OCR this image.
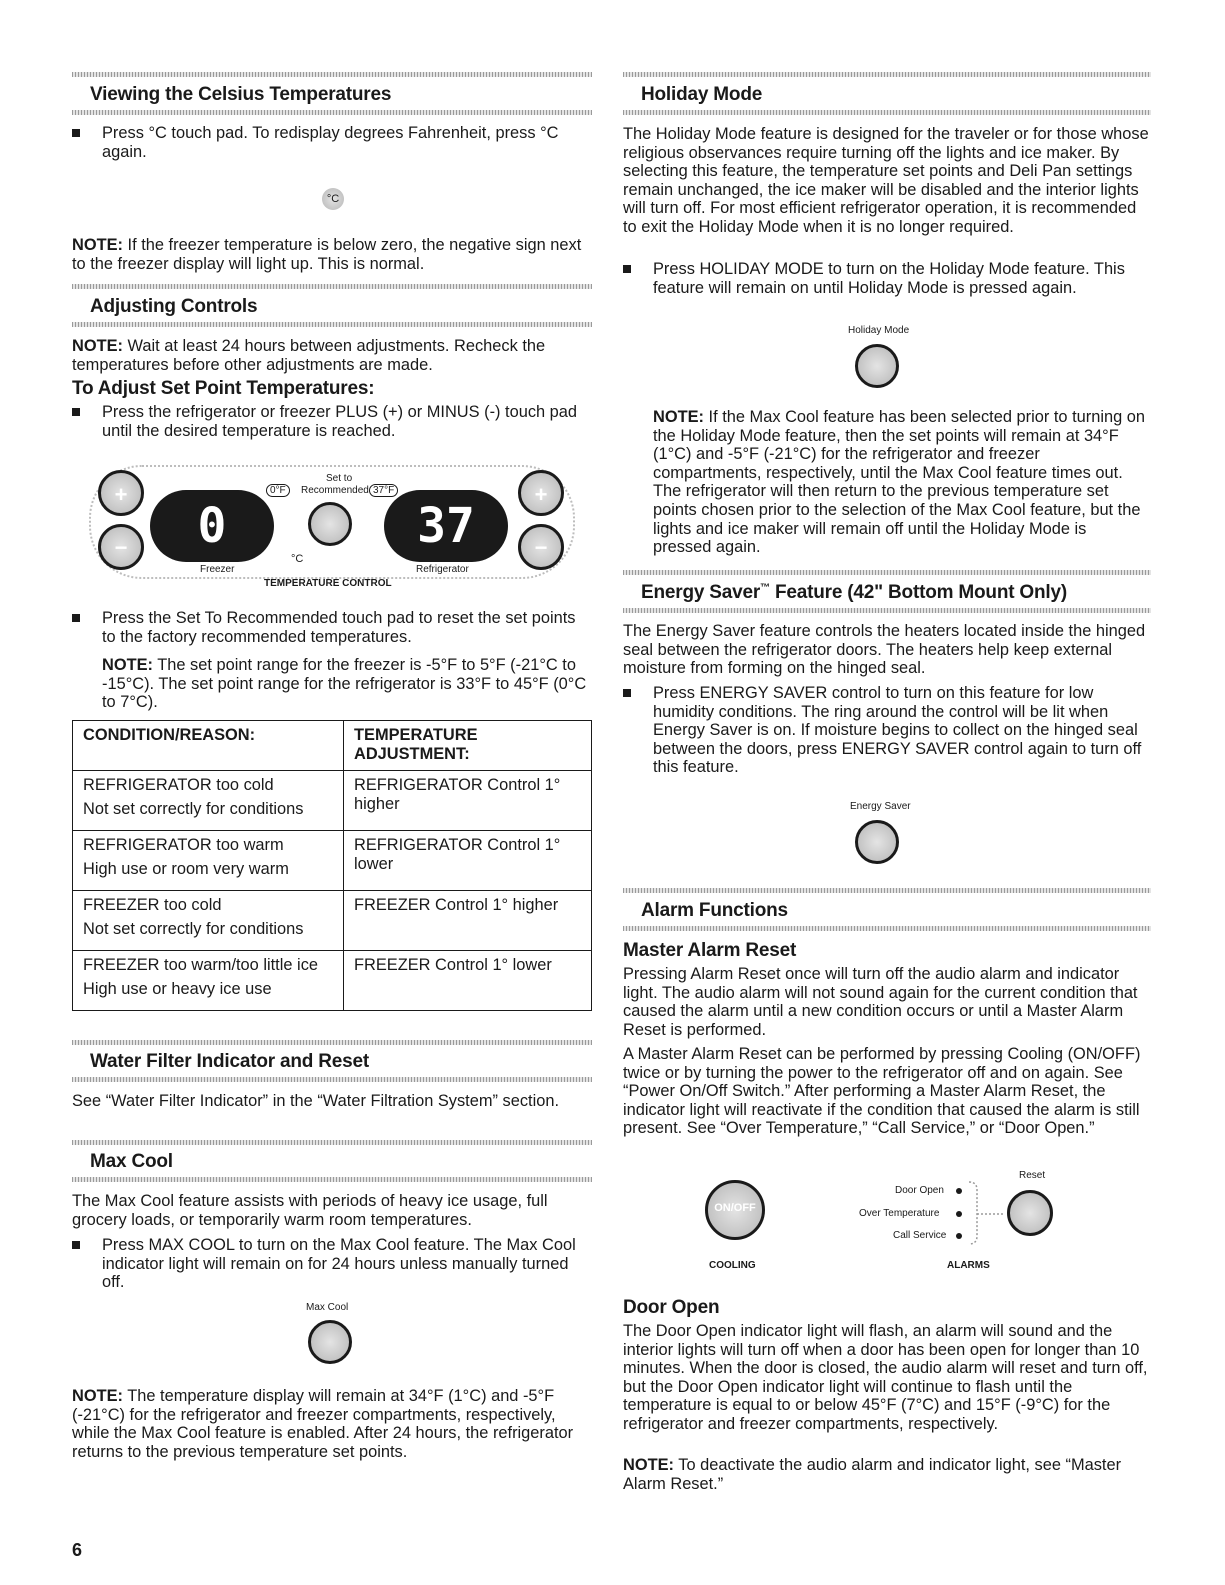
Viewing the Celsius Temperatures
Press °C touch pad. To redisplay degrees Fahrenheit, press °C again.
°C
NOTE: If the freezer temperature is below zero, the negative sign next to the freezer display will light up. This is normal.
Adjusting Controls
NOTE: Wait at least 24 hours between adjustments. Recheck the temperatures before other adjustments are made.
To Adjust Set Point Temperatures:
Press the refrigerator or freezer PLUS (+) or MINUS (-) touch pad until the desired temperature is reached.
+
−	0
Set to
0°F	Recommended 37°F
°C
37
+
−
Freezer	Refrigerator
TEMPERATURE CONTROL
Press the Set To Recommended touch pad to reset the set points to the factory recommended temperatures.
NOTE: The set point range for the freezer is -5°F to 5°F (-21°C to -15°C). The set point range for the refrigerator is 33°F to 45°F (0°C to 7°C).
CONDITION/REASON:	TEMPERATURE ADJUSTMENT:

REFRIGERATOR too cold
Not set correctly for conditions	REFRIGERATOR Control 1° higher

REFRIGERATOR too warm
High use or room very warm	REFRIGERATOR Control 1° lower

FREEZER too cold
Not set correctly for conditions	FREEZER Control 1° higher

FREEZER too warm/too little ice
High use or heavy ice use	FREEZER Control 1° lower
Water Filter Indicator and Reset
See “Water Filter Indicator” in the “Water Filtration System” section.
Max Cool
The Max Cool feature assists with periods of heavy ice usage, full grocery loads, or temporarily warm room temperatures.
Press MAX COOL to turn on the Max Cool feature. The Max Cool indicator light will remain on for 24 hours unless manually turned off.
Max Cool
NOTE: The temperature display will remain at 34°F (1°C) and -5°F (-21°C) for the refrigerator and freezer compartments, respectively, while the Max Cool feature is enabled. After 24 hours, the refrigerator returns to the previous temperature set points.
6
Holiday Mode
The Holiday Mode feature is designed for the traveler or for those whose religious observances require turning off the lights and ice maker. By selecting this feature, the temperature set points and Deli Pan settings remain unchanged, the ice maker will be disabled and the interior lights will turn off. For most efficient refrigerator operation, it is recommended to exit the Holiday Mode when it is no longer required.
Press HOLIDAY MODE to turn on the Holiday Mode feature. This feature will remain on until Holiday Mode is pressed again.
Holiday Mode
NOTE: If the Max Cool feature has been selected prior to turning on the Holiday Mode feature, then the set points will remain at 34°F (1°C) and -5°F (-21°C) for the refrigerator and freezer compartments, respectively, until the Max Cool feature times out. The refrigerator will then return to the previous temperature set points chosen prior to the selection of the Max Cool feature, but the lights and ice maker will remain off until the Holiday Mode is pressed again.
Energy Saver™ Feature (42" Bottom Mount Only)
The Energy Saver feature controls the heaters located inside the hinged seal between the refrigerator doors. The heaters help keep external moisture from forming on the hinged seal.
Press ENERGY SAVER control to turn on this feature for low humidity conditions. The ring around the control will be lit when Energy Saver is on. If moisture begins to collect on the hinged seal between the doors, press ENERGY SAVER control again to turn off this feature.
Energy Saver
Alarm Functions
Master Alarm Reset
Pressing Alarm Reset once will turn off the audio alarm and indicator light. The audio alarm will not sound again for the current condition that caused the alarm until a new condition occurs or until a Master Alarm Reset is performed.
A Master Alarm Reset can be performed by pressing Cooling (ON/OFF) twice or by turning the power to the refrigerator off and on again. See “Power On/Off Switch.” After performing a Master Alarm Reset, the indicator light will reactivate if the condition that caused the alarm is still present. See “Over Temperature,” “Call Service,” or “Door Open.”
ON/OFF
Reset
Door Open
Over Temperature
Call Service
COOLING	ALARMS
Door Open
The Door Open indicator light will flash, an alarm will sound and the interior lights will turn off when a door has been open for longer than 10 minutes. When the door is closed, the audio alarm will reset and turn off, but the Door Open indicator light will continue to flash until the temperature is equal to or below 45°F (7°C) and 15°F (-9°C) for the refrigerator and freezer compartments, respectively.
NOTE: To deactivate the audio alarm and indicator light, see “Master Alarm Reset.”
